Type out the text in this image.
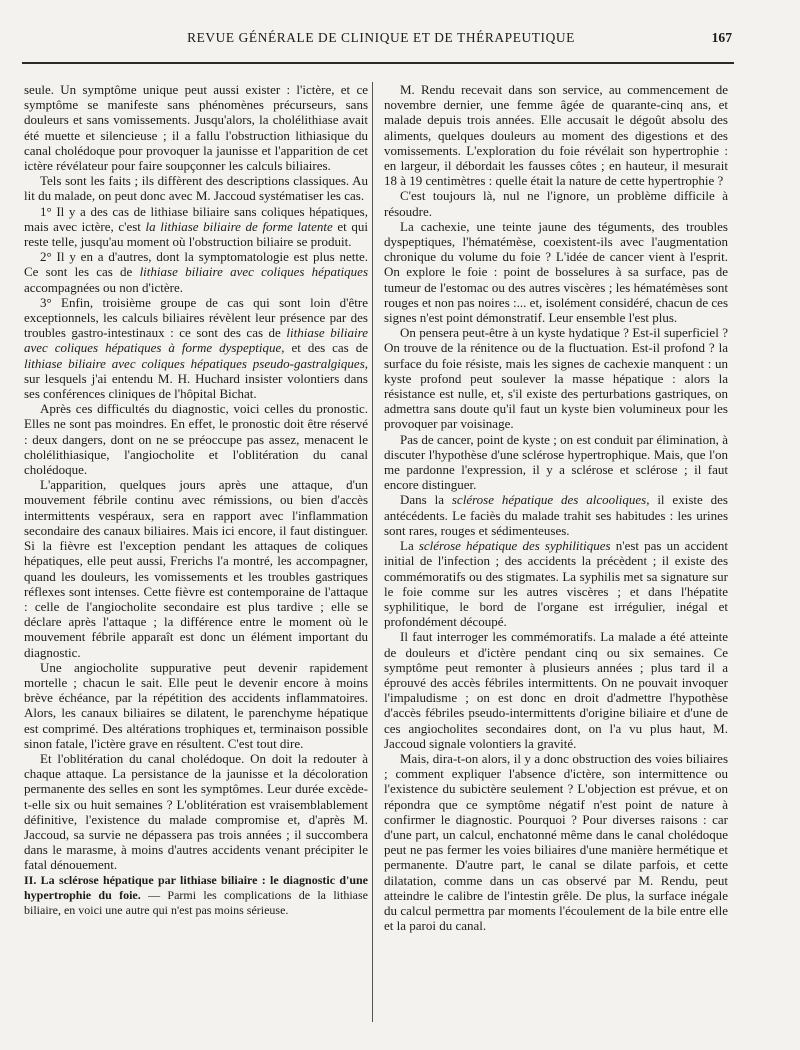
REVUE GÉNÉRALE DE CLINIQUE ET DE THÉRAPEUTIQUE	167

seule. Un symptôme unique peut aussi exister : l'ictère, et ce symptôme se manifeste sans phénomènes précurseurs, sans douleurs et sans vomissements. Jusqu'alors, la cholélithiase avait été muette et silencieuse ; il a fallu l'obstruction lithiasique du canal cholédoque pour provoquer la jaunisse et l'apparition de cet ictère révélateur pour faire soupçonner les calculs biliaires.

Tels sont les faits ; ils diffèrent des descriptions classiques. Au lit du malade, on peut donc avec M. Jaccoud systématiser les cas.

1° Il y a des cas de lithiase biliaire sans coliques hépatiques, mais avec ictère, c'est la lithiase biliaire de forme latente et qui reste telle, jusqu'au moment où l'obstruction biliaire se produit.

2° Il y en a d'autres, dont la symptomatologie est plus nette. Ce sont les cas de lithiase biliaire avec coliques hépatiques accompagnées ou non d'ictère.

3° Enfin, troisième groupe de cas qui sont loin d'être exceptionnels, les calculs biliaires révèlent leur présence par des troubles gastro-intestinaux : ce sont des cas de lithiase biliaire avec coliques hépatiques à forme dyspeptique, et des cas de lithiase biliaire avec coliques hépatiques pseudo-gastralgiques, sur lesquels j'ai entendu M. H. Huchard insister volontiers dans ses conférences cliniques de l'hôpital Bichat.

Après ces difficultés du diagnostic, voici celles du pronostic. Elles ne sont pas moindres. En effet, le pronostic doit être réservé : deux dangers, dont on ne se préoccupe pas assez, menacent le cholélithiasique, l'angiocholite et l'oblitération du canal cholédoque.

L'apparition, quelques jours après une attaque, d'un mouvement fébrile continu avec rémissions, ou bien d'accès intermittents vespéraux, sera en rapport avec l'inflammation secondaire des canaux biliaires. Mais ici encore, il faut distinguer. Si la fièvre est l'exception pendant les attaques de coliques hépatiques, elle peut aussi, Frerichs l'a montré, les accompagner, quand les douleurs, les vomissements et les troubles gastriques réflexes sont intenses. Cette fièvre est contemporaine de l'attaque : celle de l'angiocholite secondaire est plus tardive ; elle se déclare après l'attaque ; la différence entre le moment où le mouvement fébrile apparaît est donc un élément important du diagnostic.

Une angiocholite suppurative peut devenir rapidement mortelle ; chacun le sait. Elle peut le devenir encore à moins brève échéance, par la répétition des accidents inflammatoires. Alors, les canaux biliaires se dilatent, le parenchyme hépatique est comprimé. Des altérations trophiques et, terminaison possible sinon fatale, l'ictère grave en résultent. C'est tout dire.

Et l'oblitération du canal cholédoque. On doit la redouter à chaque attaque. La persistance de la jaunisse et la décoloration permanente des selles en sont les symptômes. Leur durée excède-t-elle six ou huit semaines ? L'oblitération est vraisemblablement définitive, l'existence du malade compromise et, d'après M. Jaccoud, sa survie ne dépassera pas trois années ; il succombera dans le marasme, à moins d'autres accidents venant précipiter le fatal dénouement.

II. La sclérose hépatique par lithiase biliaire : le diagnostic d'une hypertrophie du foie. — Parmi les complications de la lithiase biliaire, en voici une autre qui n'est pas moins sérieuse.

M. Rendu recevait dans son service, au commencement de novembre dernier, une femme âgée de quarante-cinq ans, et malade depuis trois années. Elle accusait le dégoût absolu des aliments, quelques douleurs au moment des digestions et des vomissements. L'exploration du foie révélait son hypertrophie : en largeur, il débordait les fausses côtes ; en hauteur, il mesurait 18 à 19 centimètres : quelle était la nature de cette hypertrophie ?

C'est toujours là, nul ne l'ignore, un problème difficile à résoudre.

La cachexie, une teinte jaune des téguments, des troubles dyspeptiques, l'hématémèse, coexistent-ils avec l'augmentation chronique du volume du foie ? L'idée de cancer vient à l'esprit. On explore le foie : point de bosselures à sa surface, pas de tumeur de l'estomac ou des autres viscères ; les hématémèses sont rouges et non pas noires :... et, isolément considéré, chacun de ces signes n'est point démonstratif. Leur ensemble l'est plus.

On pensera peut-être à un kyste hydatique ? Est-il superficiel ? On trouve de la rénitence ou de la fluctuation. Est-il profond ? la surface du foie résiste, mais les signes de cachexie manquent : un kyste profond peut soulever la masse hépatique : alors la résistance est nulle, et, s'il existe des perturbations gastriques, on admettra sans doute qu'il faut un kyste bien volumineux pour les provoquer par voisinage.

Pas de cancer, point de kyste ; on est conduit par élimination, à discuter l'hypothèse d'une sclérose hypertrophique. Mais, que l'on me pardonne l'expression, il y a sclérose et sclérose ; il faut encore distinguer.

Dans la sclérose hépatique des alcooliques, il existe des antécédents. Le faciès du malade trahit ses habitudes : les urines sont rares, rouges et sédimenteuses.

La sclérose hépatique des syphilitiques n'est pas un accident initial de l'infection ; des accidents la précèdent ; il existe des commémoratifs ou des stigmates. La syphilis met sa signature sur le foie comme sur les autres viscères ; et dans l'hépatite syphilitique, le bord de l'organe est irrégulier, inégal et profondément découpé.

Il faut interroger les commémoratifs. La malade a été atteinte de douleurs et d'ictère pendant cinq ou six semaines. Ce symptôme peut remonter à plusieurs années ; plus tard il a éprouvé des accès fébriles intermittents. On ne pouvait invoquer l'impaludisme ; on est donc en droit d'admettre l'hypothèse d'accès fébriles pseudo-intermittents d'origine biliaire et d'une de ces angiocholites secondaires dont, on l'a vu plus haut, M. Jaccoud signale volontiers la gravité.

Mais, dira-t-on alors, il y a donc obstruction des voies biliaires ; comment expliquer l'absence d'ictère, son intermittence ou l'existence du subictère seulement ? L'objection est prévue, et on répondra que ce symptôme négatif n'est point de nature à confirmer le diagnostic. Pourquoi ? Pour diverses raisons : car d'une part, un calcul, enchatonné même dans le canal cholédoque peut ne pas fermer les voies biliaires d'une manière hermétique et permanente. D'autre part, le canal se dilate parfois, et cette dilatation, comme dans un cas observé par M. Rendu, peut atteindre le calibre de l'intestin grêle. De plus, la surface inégale du calcul permettra par moments l'écoulement de la bile entre elle et la paroi du canal.
